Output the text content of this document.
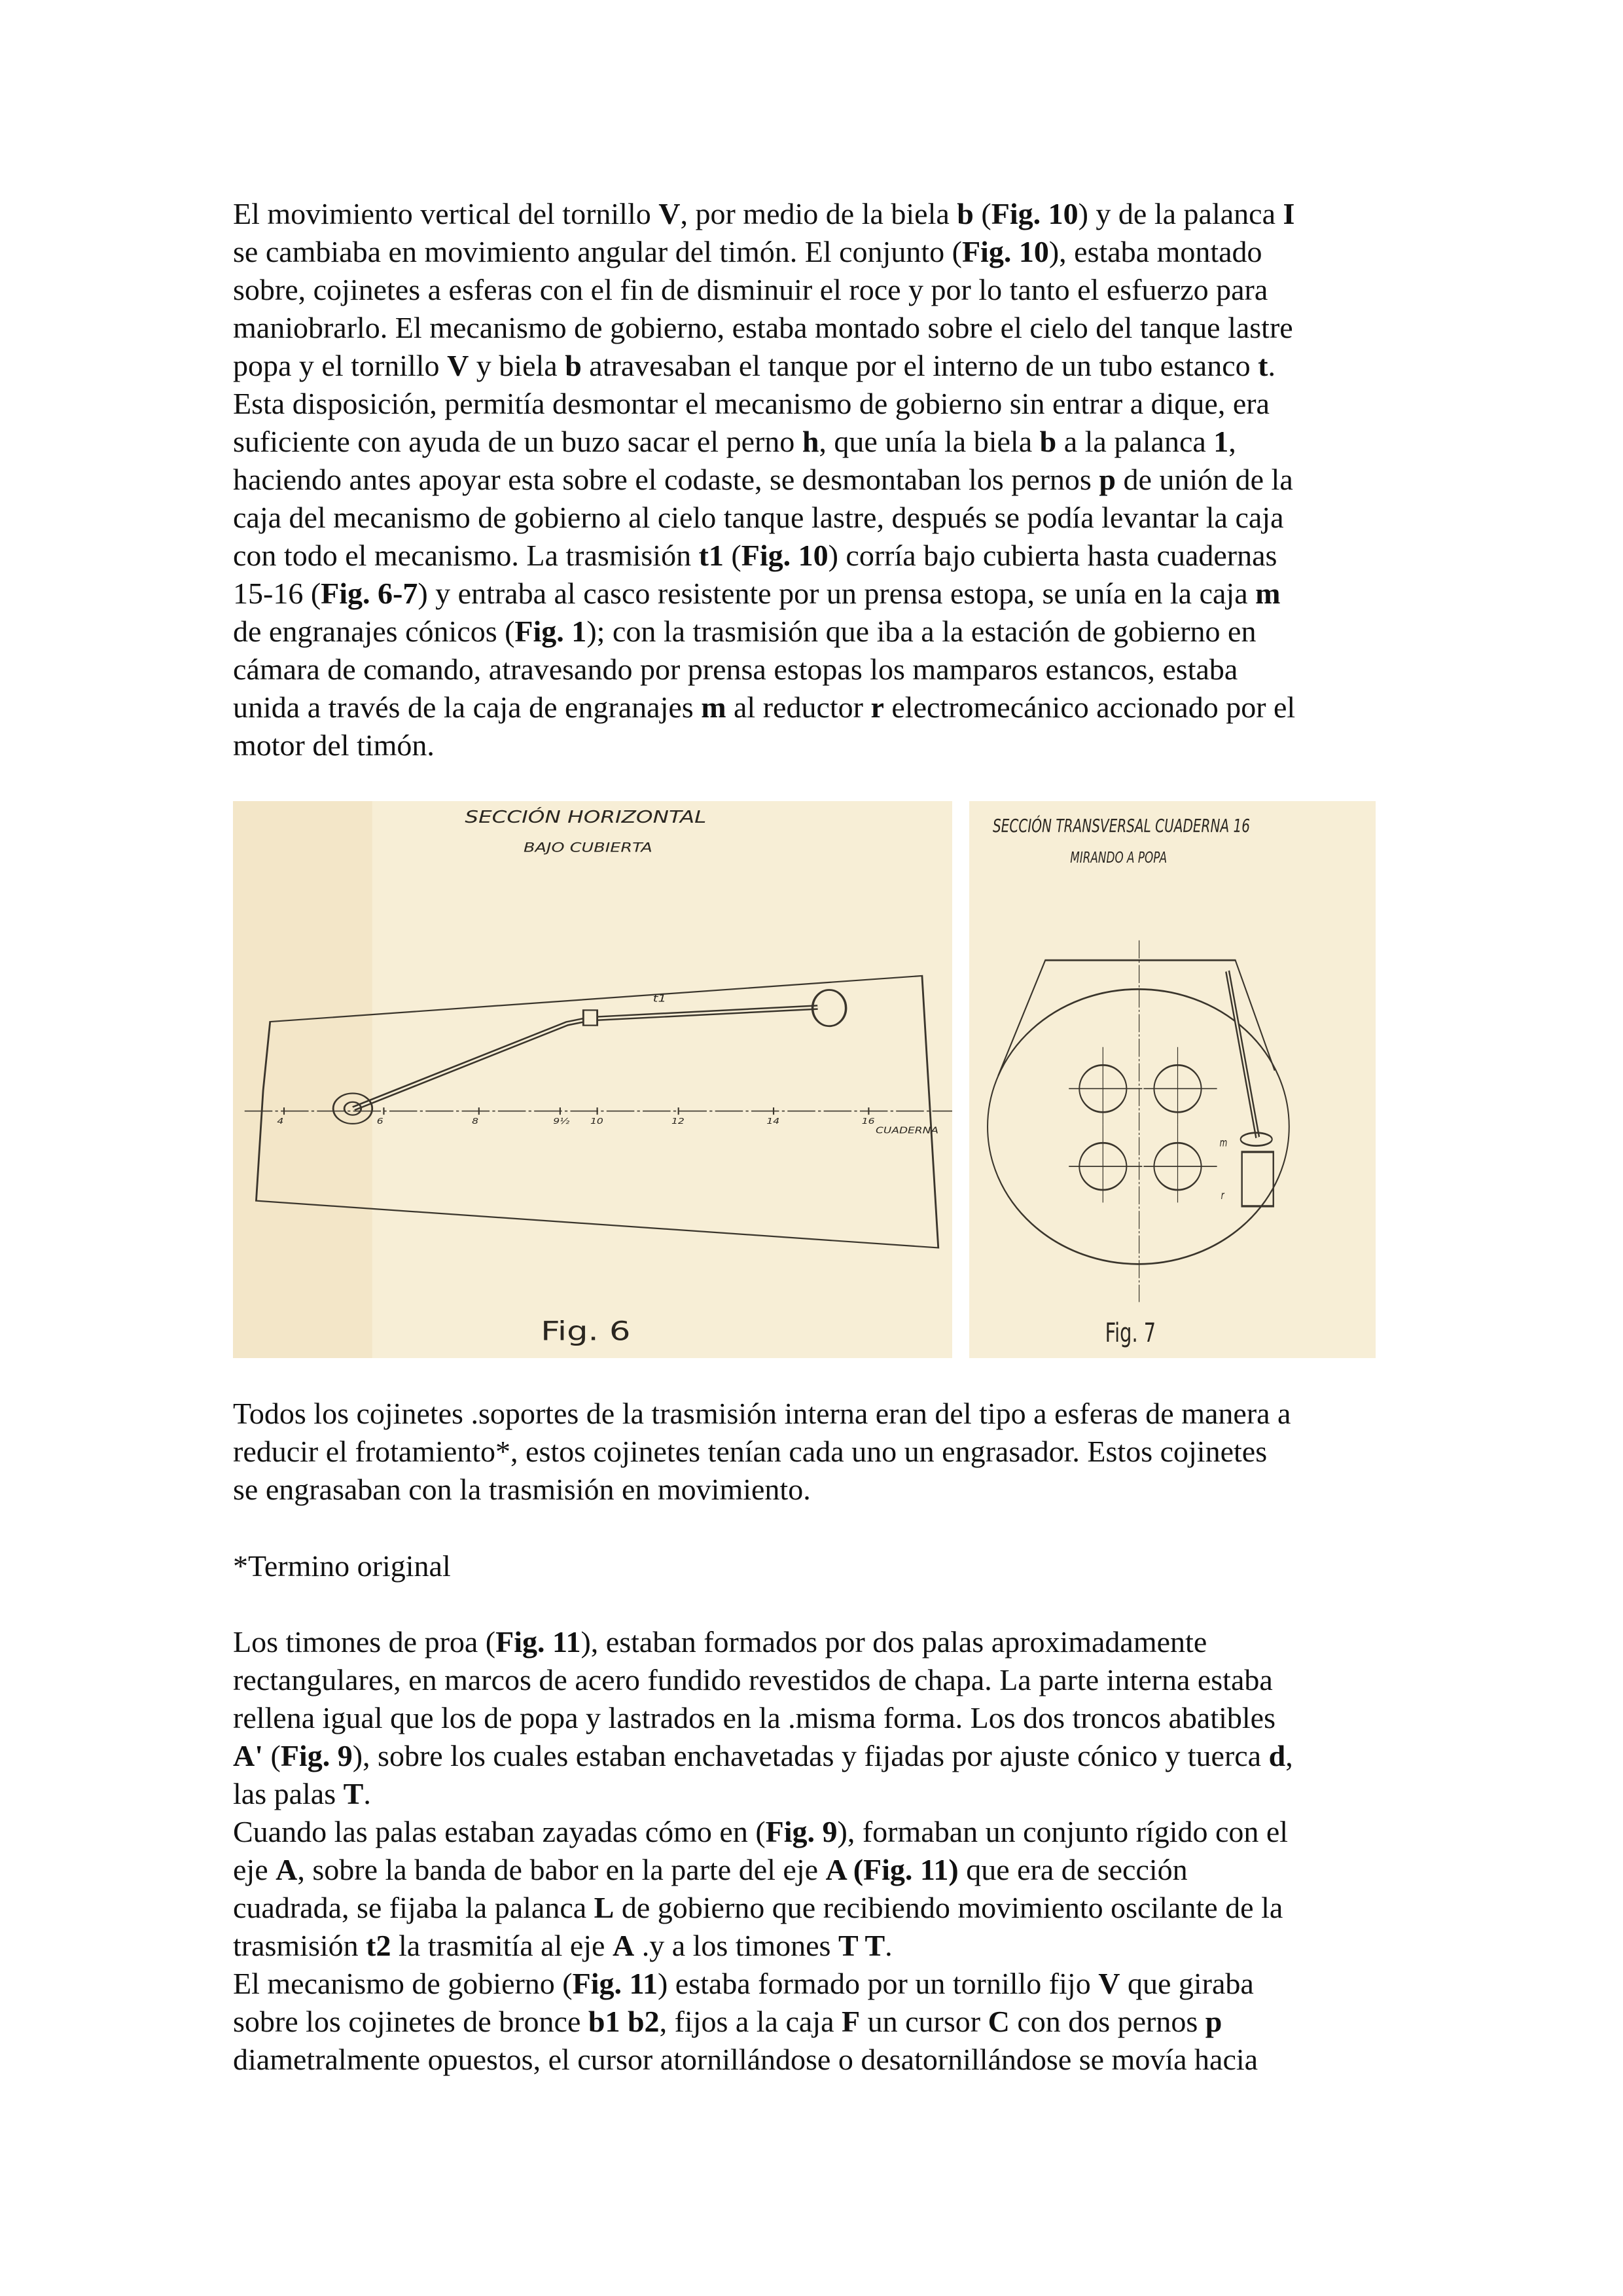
El movimiento vertical del tornillo V, por medio de la biela b (Fig. 10) y de la palanca I
se cambiaba en movimiento angular del timón. El conjunto (Fig. 10), estaba montado
sobre, cojinetes a esferas con el fin de disminuir el roce y por lo tanto el esfuerzo para
maniobrarlo. El mecanismo de gobierno, estaba montado sobre el cielo del tanque lastre
popa y el tornillo V y biela b atravesaban el tanque por el interno de un tubo estanco t.
Esta disposición, permitía desmontar el mecanismo de gobierno sin entrar a dique, era
suficiente con ayuda de un buzo sacar el perno h, que unía la biela b a la palanca 1,
haciendo antes apoyar esta sobre el codaste, se desmontaban los pernos p de unión de la
caja del mecanismo de gobierno al cielo tanque lastre, después se podía levantar la caja
con todo el mecanismo. La trasmisión t1 (Fig. 10) corría bajo cubierta hasta cuadernas
15-16 (Fig. 6-7) y entraba al casco resistente por un prensa estopa, se unía en la caja m
de engranajes cónicos (Fig. 1); con la trasmisión que iba a la estación de gobierno en
cámara de comando, atravesando por prensa estopas los mamparos estancos, estaba
unida a través de la caja de engranajes m al reductor r electromecánico accionado por el
motor del timón.
Todos los cojinetes .soportes de la trasmisión interna eran del tipo a esferas de manera a
reducir el frotamiento*, estos cojinetes tenían cada uno un engrasador. Estos cojinetes
se engrasaban con la trasmisión en movimiento.
*Termino original
Los timones de proa (Fig. 11), estaban formados por dos palas aproximadamente
rectangulares, en marcos de acero fundido revestidos de chapa. La parte interna estaba
rellena igual que los de popa y lastrados en la .misma forma. Los dos troncos abatibles
A' (Fig. 9), sobre los cuales estaban enchavetadas y fijadas por ajuste cónico y tuerca d,
las palas T.
Cuando las palas estaban zayadas cómo en (Fig. 9), formaban un conjunto rígido con el
eje A, sobre la banda de babor en la parte del eje A (Fig. 11) que era de sección
cuadrada, se fijaba la palanca L de gobierno que recibiendo movimiento oscilante de la
trasmisión t2 la trasmitía al eje A .y a los timones T T.
El mecanismo de gobierno (Fig. 11) estaba formado por un tornillo fijo V que giraba
sobre los cojinetes de bronce b1 b2, fijos a la caja F un cursor C con dos pernos p
diametralmente opuestos, el cursor atornillándose o desatornillándose se movía hacia
SECCIÓN HORIZONTAL
BAJO CUBIERTA
4	6	8	9½ 10	12	14	16
CUADERNA
t1
Fig. 6
SECCIÓN TRANSVERSAL CUADERNA 16
MIRANDO A POPA
m
r
Fig. 7
